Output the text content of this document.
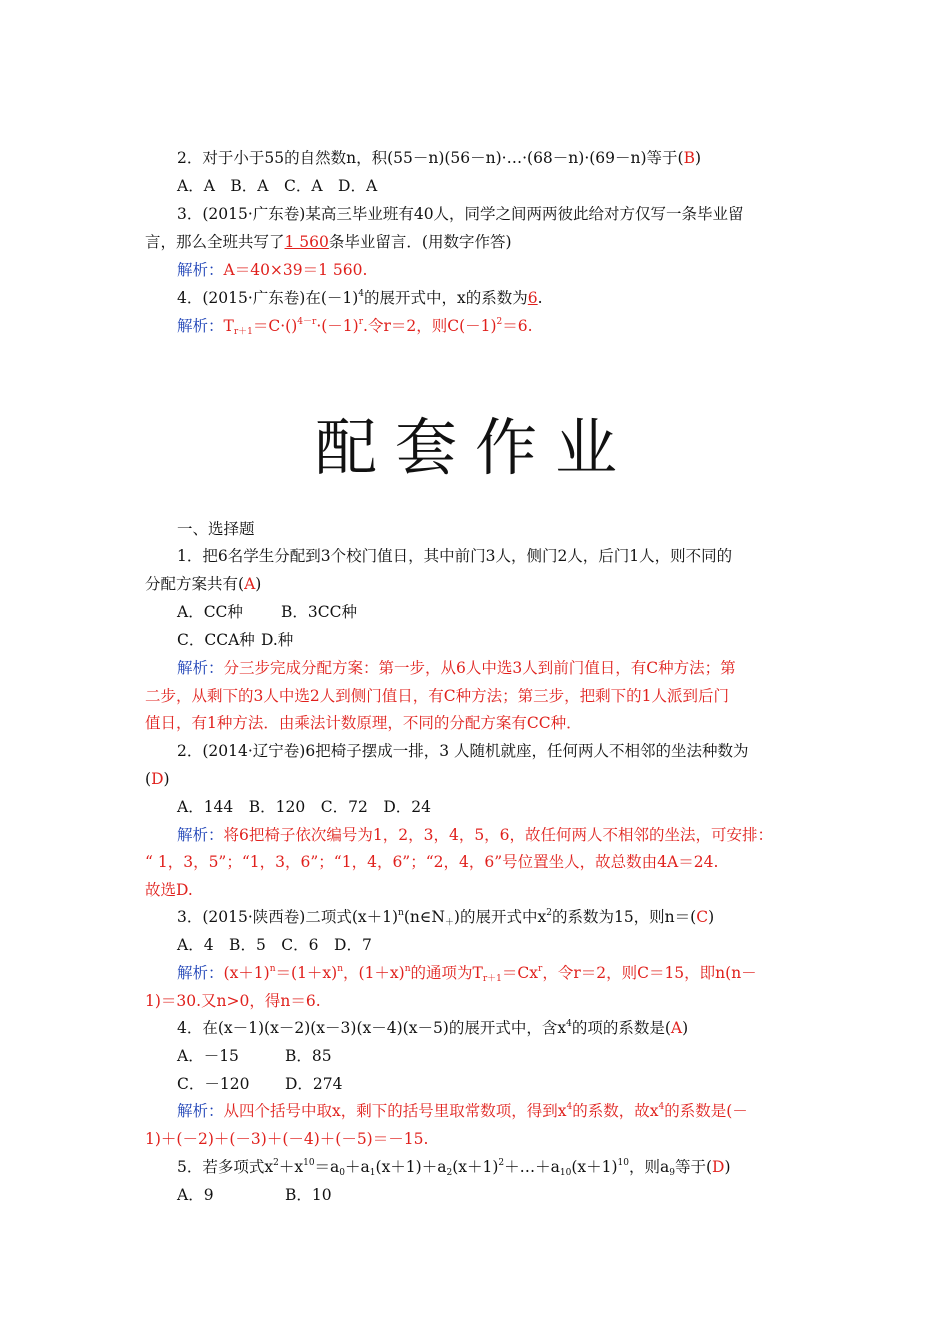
2．对于小于55的自然数n，积(55－n)(56－n)·…·(68－n)·(69－n)等于(B)
A．A　B．A　C．A　D．A
3．(2015·广东卷)某高三毕业班有40人，同学之间两两彼此给对方仅写一条毕业留
言，那么全班共写了1 560条毕业留言．(用数字作答)
解析：A＝40×39＝1 560.
4．(2015·广东卷)在$(-1)^4$的展开式中，x的系数为6.
解析：$T_{r+1}=C\cdot()^{4-r}\cdot(-1)^r$.令r＝2，则$C(-1)^2=6$.
配套作业
一、选择题
1．把6名学生分配到3个校门值日，其中前门3人，侧门2人，后门1人，则不同的
分配方案共有(A)
A．CC种 B．3CC种
C．CCA种 D.种
解析：分三步完成分配方案：第一步，从6人中选3人到前门值日，有C种方法；第
二步，从剩下的3人中选2人到侧门值日，有C种方法；第三步，把剩下的1人派到后门
值日，有1种方法．由乘法计数原理，不同的分配方案有CC种．
2．(2014·辽宁卷)6把椅子摆成一排，3 人随机就座，任何两人不相邻的坐法种数为
(D)
A．144　B．120　C．72　D．24
解析：将6把椅子依次编号为1，2，3，4，5，6，故任何两人不相邻的坐法，可安排：
“ 1，3，5”；“1，3，6”；“1，4，6”；“2，4，6”号位置坐人，故总数由4A＝24.
故选D.
3．(2015·陕西卷)二项式$(x+1)^n(n\in N_+)$的展开式中$x^2$的系数为15，则n＝(C)
A．4　B．5　C．6　D．7
解析：$(x+1)^n=(1+x)^n$，$(1+x)^n$的通项为$T_{r+1}=Cx^r$，令r＝2，则C＝15，即n(n－
1)＝30.又n>0，得n＝6.
4．在(x－1)(x－2)(x－3)(x－4)(x－5)的展开式中，含$x^4$的项的系数是(A)
A．－15	B．85
C．－120 D．274
解析：从四个括号中取x，剩下的括号里取常数项，得到$x^4$的系数，故$x^4$的系数是(－
1)＋(－2)＋(－3)＋(－4)＋(－5)＝－15.
5．若多项式$x^2+x^{10}=a_0+a_1(x+1)+a_2(x+1)^2+\dots+a_{10}(x+1)^{10}$，则$a_9$等于(D)
A．9	B．10
